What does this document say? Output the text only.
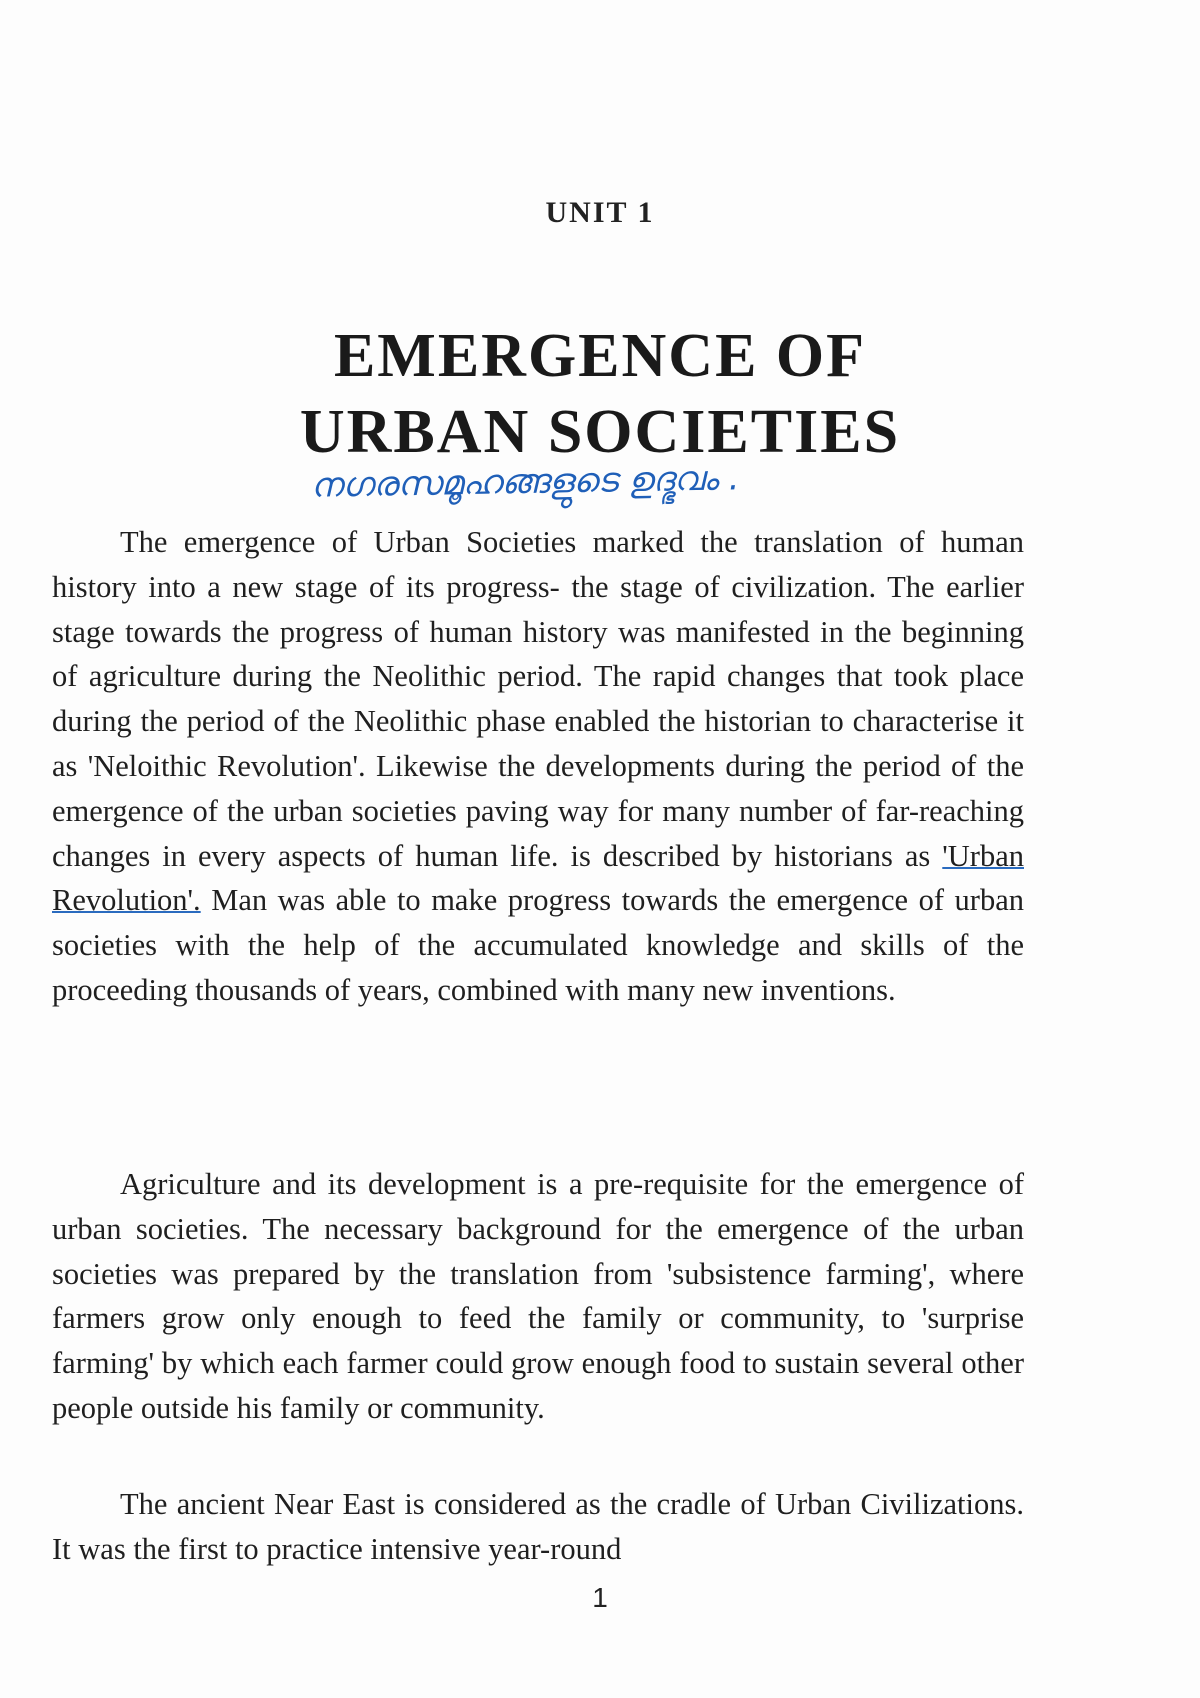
UNIT 1
EMERGENCE OF
URBAN SOCIETIES
നഗരസമൂഹങ്ങളുടെ ഉദ്ഭവം .

The emergence of Urban Societies marked the translation of human history into a new stage of its progress- the stage of civilization. The earlier stage towards the progress of human history was manifested in the beginning of agriculture during the Neolithic period. The rapid changes that took place during the period of the Neolithic phase enabled the historian to characterise it as 'Neloithic Revolution'. Likewise the developments during the period of the emergence of the urban societies paving way for many number of far-reaching changes in every aspects of human life. is described by historians as 'Urban Revolution'. Man was able to make progress towards the emergence of urban societies with the help of the accumulated knowledge and skills of the proceeding thousands of years, combined with many new inventions.

Agriculture and its development is a pre-requisite for the emergence of urban societies. The necessary background for the emergence of the urban societies was prepared by the translation from 'subsistence farming', where farmers grow only enough to feed the family or community, to 'surprise farming' by which each farmer could grow enough food to sustain several other people outside his family or community.

The ancient Near East is considered as the cradle of Urban Civilizations. It was the first to practice intensive year-round

1
